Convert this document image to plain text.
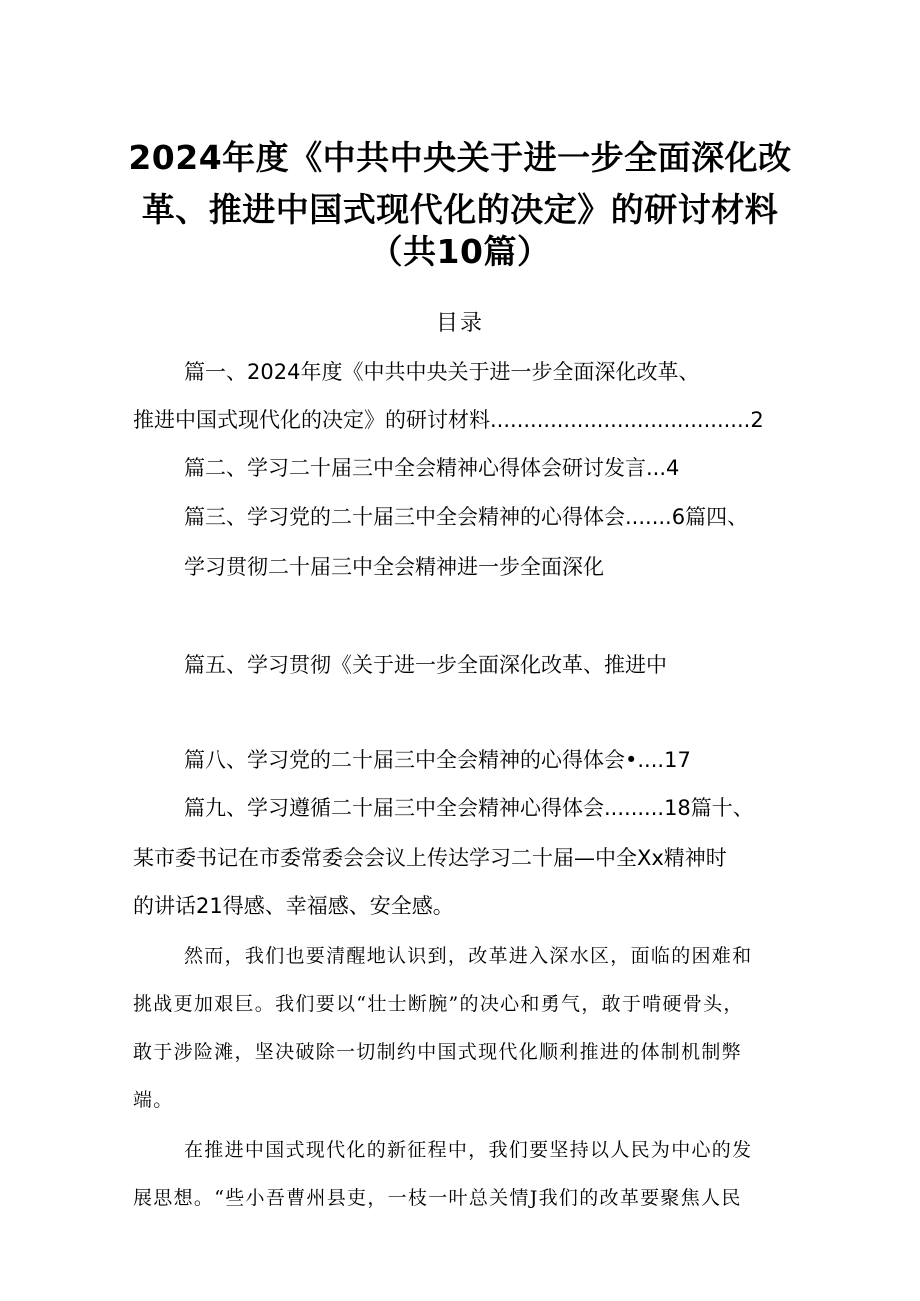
2024年度《中共中央关于进一步全面深化改
革、推进中国式现代化的决定》的研讨材料
（共10篇）
目录
篇一、2024年度《中共中央关于进一步全面深化改革、
推进中国式现代化的决定》的研讨材料.......................................2
篇二、学习二十届三中全会精神心得体会研讨发言...4
篇三、学习党的二十届三中全会精神的心得体会.......6篇四、
学习贯彻二十届三中全会精神进一步全面深化
篇五、学习贯彻《关于进一步全面深化改革、推进中
篇八、学习党的二十届三中全会精神的心得体会•....17
篇九、学习遵循二十届三中全会精神心得体会.........18篇十、
某市委书记在市委常委会会议上传达学习二十届—中全Xx精神时
的讲话21得感、幸福感、安全感。
然而，我们也要清醒地认识到，改革进入深水区，面临的困难和
挑战更加艰巨。我们要以“壮士断腕”的决心和勇气，敢于啃硬骨头，
敢于涉险滩，坚决破除一切制约中国式现代化顺利推进的体制机制弊
端。
在推进中国式现代化的新征程中，我们要坚持以人民为中心的发
展思想。“些小吾曹州县吏，一枝一叶总关情J我们的改革要聚焦人民
